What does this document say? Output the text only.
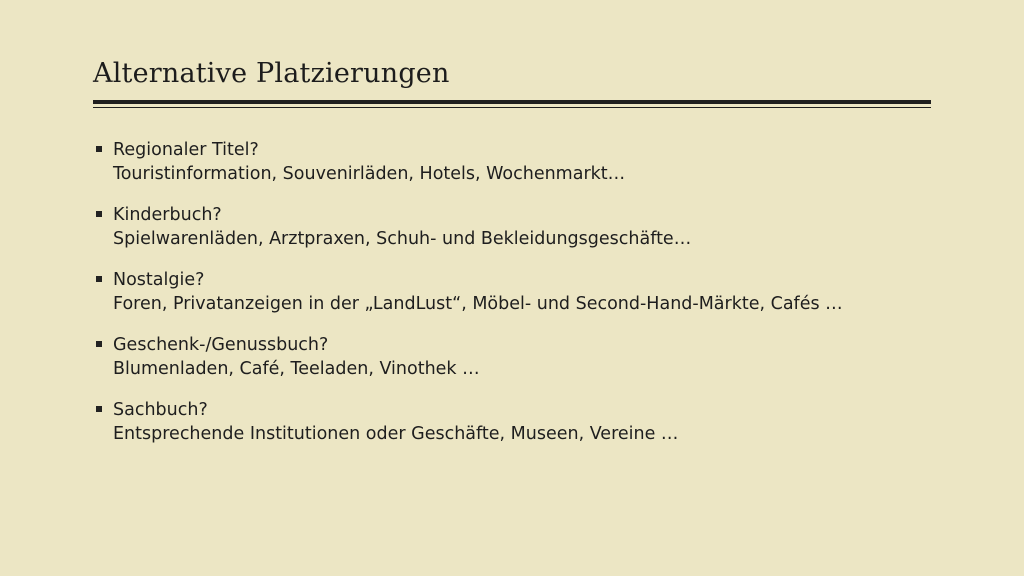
Alternative Platzierungen
Regionaler Titel?
Touristinformation, Souvenirläden, Hotels, Wochenmarkt…
Kinderbuch?
Spielwarenläden, Arztpraxen, Schuh- und Bekleidungsgeschäfte…
Nostalgie?
Foren, Privatanzeigen in der „LandLust“, Möbel- und Second-Hand-Märkte, Cafés …
Geschenk-/Genussbuch?
Blumenladen, Café, Teeladen, Vinothek …
Sachbuch?
Entsprechende Institutionen oder Geschäfte, Museen, Vereine …
